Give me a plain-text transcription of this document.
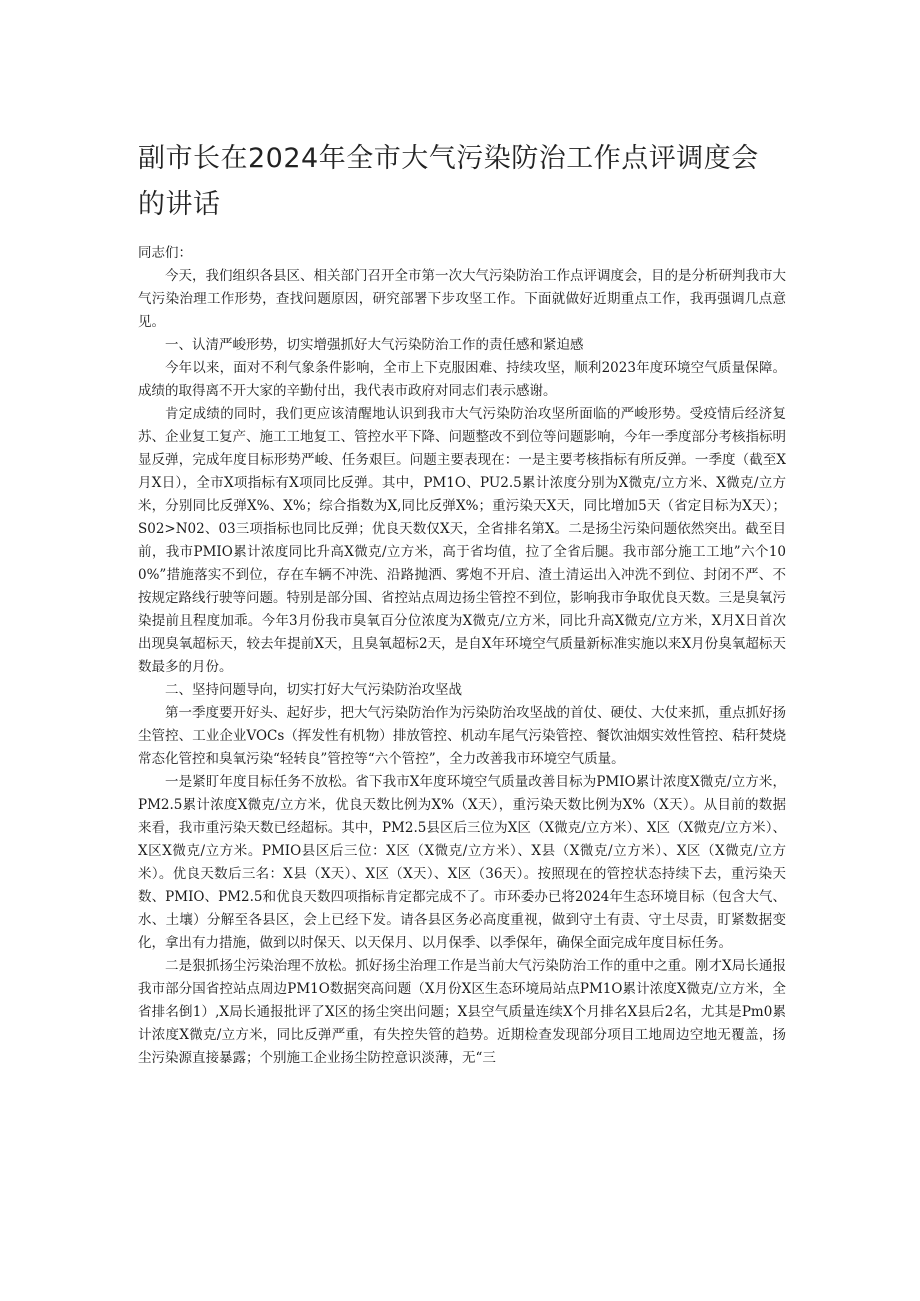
副市长在2024年全市大气污染防治工作点评调度会的讲话

同志们：

今天，我们组织各县区、相关部门召开全市第一次大气污染防治工作点评调度会，目的是分析研判我市大气污染治理工作形势，查找问题原因，研究部署下步攻坚工作。下面就做好近期重点工作，我再强调几点意见。

一、认清严峻形势，切实增强抓好大气污染防治工作的责任感和紧迫感

今年以来，面对不利气象条件影响，全市上下克服困难、持续攻坚，顺利2023年度环境空气质量保障。成绩的取得离不开大家的辛勤付出，我代表市政府对同志们表示感谢。

肯定成绩的同时，我们更应该清醒地认识到我市大气污染防治攻坚所面临的严峻形势。受疫情后经济复苏、企业复工复产、施工工地复工、管控水平下降、问题整改不到位等问题影响，今年一季度部分考核指标明显反弹，完成年度目标形势严峻、任务艰巨。问题主要表现在：一是主要考核指标有所反弹。一季度（截至X月X日），全市X项指标有X项同比反弹。其中，PM1O、PU2.5累计浓度分别为X微克/立方米、X微克/立方米，分别同比反弹X%、X%；综合指数为X,同比反弹X%；重污染天X天，同比增加5天（省定目标为X天）；S02>N02、03三项指标也同比反弹；优良天数仅X天，全省排名第X。二是扬尘污染问题依然突出。截至目前，我市PMIO累计浓度同比升高X微克/立方米，高于省均值，拉了全省后腿。我市部分施工工地”六个100%”措施落实不到位，存在车辆不冲洗、沿路抛洒、雾炮不开启、渣土清运出入冲洗不到位、封闭不严、不按规定路线行驶等问题。特别是部分国、省控站点周边扬尘管控不到位，影响我市争取优良天数。三是臭氧污染提前且程度加乖。今年3月份我市臭氧百分位浓度为X微克/立方米，同比升高X微克/立方米，X月X日首次出现臭氧超标天，较去年提前X天，且臭氧超标2天，是自X年环境空气质量新标准实施以来X月份臭氧超标天数最多的月份。

二、坚持问题导向，切实打好大气污染防治攻坚战

第一季度要开好头、起好步，把大气污染防治作为污染防治攻坚战的首仗、硬仗、大仗来抓，重点抓好扬尘管控、工业企业VOCs（挥发性有机物）排放管控、机动车尾气污染管控、餐饮油烟实效性管控、秸秆焚烧常态化管控和臭氧污染“轻转良”管控等“六个管控”，全力改善我市环境空气质量。

一是紧盯年度目标任务不放松。省下我市X年度环境空气质量改善目标为PMIO累计浓度X微克/立方米，PM2.5累计浓度X微克/立方米，优良天数比例为X%（X天），重污染天数比例为X%（X天）。从目前的数据来看，我市重污染天数已经超标。其中，PM2.5县区后三位为X区（X微克/立方米）、X区（X微克/立方米）、X区X微克/立方米。PMIO县区后三位：X区（X微克/立方米）、X县（X微克/立方米）、X区（X微克/立方米）。优良天数后三名：X县（X天）、X区（X天）、X区（36天）。按照现在的管控状态持续下去，重污染天数、PMIO、PM2.5和优良天数四项指标肯定都完成不了。市环委办已将2024年生态环境目标（包含大气、水、土壤）分解至各县区，会上已经下发。请各县区务必高度重视，做到守土有责、守土尽责，盯紧数据变化，拿出有力措施，做到以时保天、以天保月、以月保季、以季保年，确保全面完成年度目标任务。

二是狠抓扬尘污染治理不放松。抓好扬尘治理工作是当前大气污染防治工作的重中之重。刚才X局长通报我市部分国省控站点周边PM1O数据突高问题（X月份X区生态环境局站点PM1O累计浓度X微克/立方米，全省排名倒1）,X局长通报批评了X区的扬尘突出问题；X县空气质量连续X个月排名X县后2名，尤其是Pm0累计浓度X微克/立方米，同比反弹严重，有失控失管的趋势。近期检查发现部分项目工地周边空地无覆盖，扬尘污染源直接暴露；个别施工企业扬尘防控意识淡薄，无“三
